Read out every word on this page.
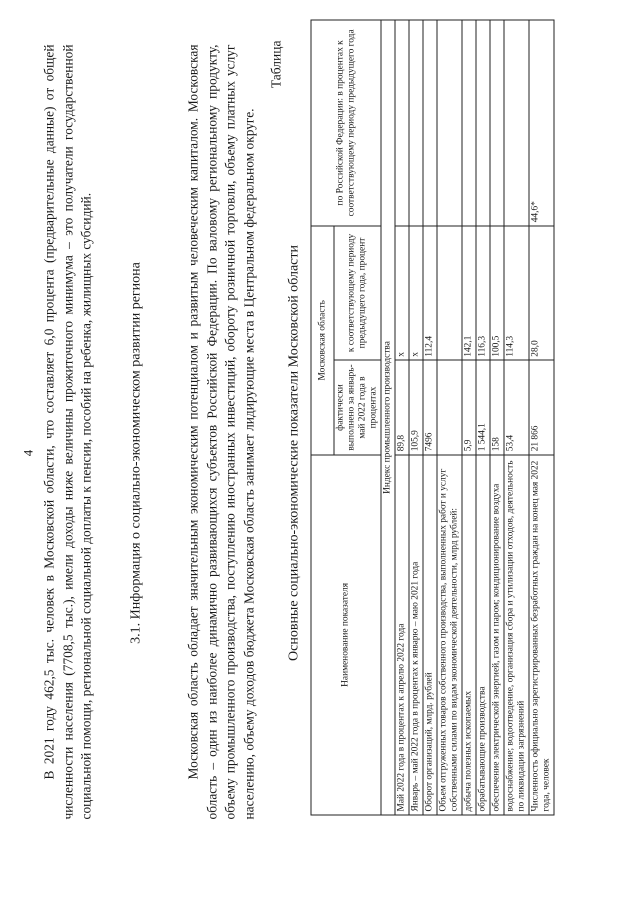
4 В 2021 году 462,5 тыс. человек в Московской области, что составляет 6,0 процента (предварительные данные) от общей численности населения (7708,5 тыс.), имели доходы ниже величины прожиточного минимума – это получатели государственной социальной помощи, региональной социальной доплаты к пенсии, пособий на ребенка, жилищных субсидий. 3.1. Информация о социально-экономическом развитии региона	Московская область обладает значительным экономическим потенциалом и развитым человеческим капиталом. Московская область – один из наиболее динамично развивающихся субъектов Российской Федерации. По валовому региональному продукту, объему промышленного производства, поступлению иностранных инвестиций, обороту розничной торговли, объему платных услуг населению, объему доходов бюджета Московская область занимает лидирующие места в Центральном федеральном округе.

Таблица
Основные социально-экономические показатели Московской области	Наименование показателя	Московская область		по Российской Федерации: в процентах к соответствующему периоду предыдущего года
	фактически выполнено за январь-май 2022 года в процентах	к соответствующему периоду предыдущего года, процент	
Индекс промышленного производства			
Май 2022 года в процентах к апрелю 2022 года	89,8	х	
Январь – май 2022 года в процентах к январю – маю 2021 года	105,9	х	
Оборот организаций, млрд. рублей	7496	112,4	
Объем отгруженных товаров собственного производства, выполненных работ и услуг собственными силами по видам экономической деятельности, млрд рублей:			
добыча полезных ископаемых	5,9	142,1	
обрабатывающие производства	1 544,1	116,3	
обеспечение электрической энергией, газом и паром; кондиционирование воздуха	158	100,5	
водоснабжение; водоотведение, организация сбора и утилизации отходов, деятельность по ликвидации загрязнений	53,4	114,3	
Численность официально зарегистрированных безработных граждан на конец мая 2022 года, человек	21 866	28,0	44,6*
